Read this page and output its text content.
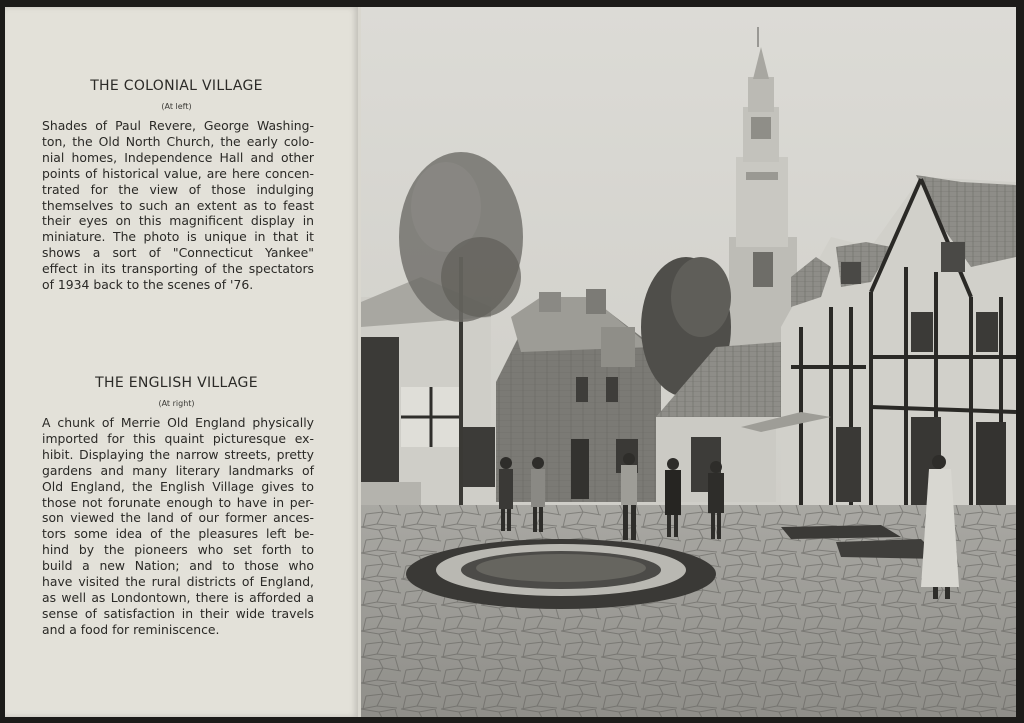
THE COLONIAL VILLAGE
(At left)
Shades of Paul Revere, George Washing-
ton, the Old North Church, the early colo-
nial homes, Independence Hall and other
points of historical value, are here concen-
trated for the view of those indulging
themselves to such an extent as to feast
their eyes on this magnificent display in
miniature. The photo is unique in that it
shows a sort of "Connecticut Yankee"
effect in its transporting of the spectators
of 1934 back to the scenes of '76.
THE ENGLISH VILLAGE
(At right)
A chunk of Merrie Old England physically
imported for this quaint picturesque ex-
hibit. Displaying the narrow streets, pretty
gardens and many literary landmarks of
Old England, the English Village gives to
those not forunate enough to have in per-
son viewed the land of our former ances-
tors some idea of the pleasures left be-
hind by the pioneers who set forth to
build a new Nation; and to those who
have visited the rural districts of England,
as well as Londontown, there is afforded a
sense of satisfaction in their wide travels
and a food for reminiscence.
